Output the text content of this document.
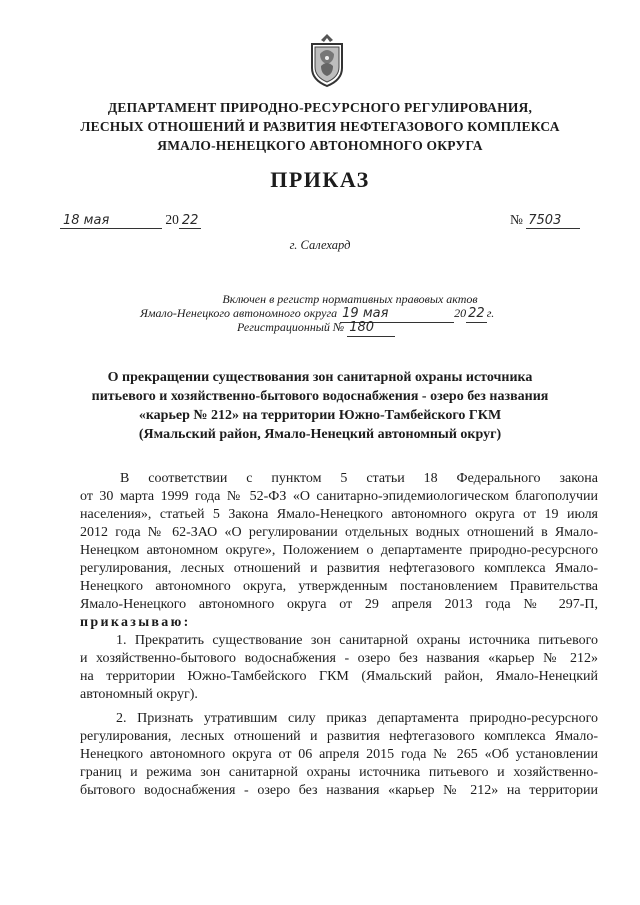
ДЕПАРТАМЕНТ ПРИРОДНО-РЕСУРСНОГО РЕГУЛИРОВАНИЯ,
ЛЕСНЫХ ОТНОШЕНИЙ И РАЗВИТИЯ НЕФТЕГАЗОВОГО КОМПЛЕКСА
ЯМАЛО-НЕНЕЦКОГО АВТОНОМНОГО ОКРУГА
ПРИКАЗ
18 мая	20 22	№ 7503
г. Салехард
Включен в регистр нормативных правовых актов
Ямало-Ненецкого автономного округа 19 мая	20 22 г.
Регистрационный № 180
О прекращении существования зон санитарной охраны источника
питьевого и хозяйственно-бытового водоснабжения - озеро без названия
«карьер № 212» на территории Южно-Тамбейского ГКМ
(Ямальский район, Ямало-Ненецкий автономный округ)
В соответствии с пунктом 5 статьи 18 Федерального закона
от 30 марта 1999 года № 52-ФЗ «О санитарно-эпидемиологическом благополучии
населения», статьей 5 Закона Ямало-Ненецкого автономного округа от 19 июля
2012 года № 62-ЗАО «О регулировании отдельных водных отношений в Ямало-
Ненецком автономном округе», Положением о департаменте природно-ресурсного
регулирования, лесных отношений и развития нефтегазового комплекса Ямало-
Ненецкого автономного округа, утвержденным постановлением Правительства
Ямало-Ненецкого автономного округа от 29 апреля 2013 года № 297-П,
приказываю:
1. Прекратить существование зон санитарной охраны источника питьевого
и хозяйственно-бытового водоснабжения - озеро без названия «карьер № 212»
на территории Южно-Тамбейского ГКМ (Ямальский район, Ямало-Ненецкий
автономный округ).
2. Признать утратившим силу приказ департамента природно-ресурсного
регулирования, лесных отношений и развития нефтегазового комплекса Ямало-
Ненецкого автономного округа от 06 апреля 2015 года № 265 «Об установлении
границ и режима зон санитарной охраны источника питьевого и хозяйственно-
бытового водоснабжения - озеро без названия «карьер № 212» на территории
